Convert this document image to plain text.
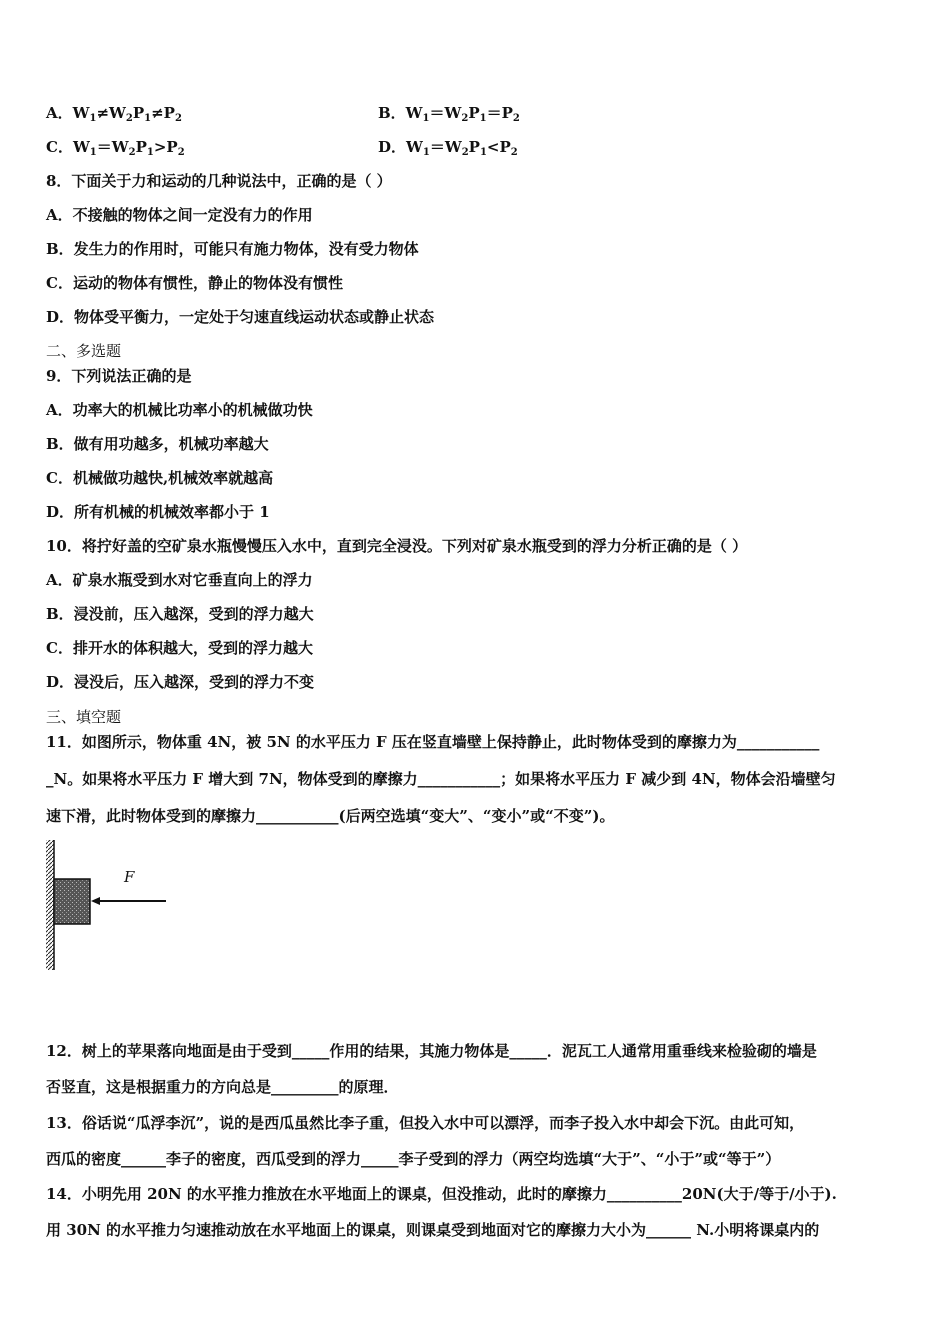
A．$W_1\ne W_2P_1\ne P_2$	B．$W_1=W_2P_1=P_2$
C．$W_1=W_2P_1>P_2$	D．$W_1=W_2P_1<P_2$
8．下面关于力和运动的几种说法中，正确的是（ ）
A．不接触的物体之间一定没有力的作用
B．发生力的作用时，可能只有施力物体，没有受力物体
C．运动的物体有惯性，静止的物体没有惯性
D．物体受平衡力，一定处于匀速直线运动状态或静止状态
二、多选题
9．下列说法正确的是
A．功率大的机械比功率小的机械做功快
B．做有用功越多，机械功率越大
C．机械做功越快,机械效率就越高
D．所有机械的机械效率都小于 1
10．将拧好盖的空矿泉水瓶慢慢压入水中，直到完全浸没。下列对矿泉水瓶受到的浮力分析正确的是（ ）
A．矿泉水瓶受到水对它垂直向上的浮力
B．浸没前，压入越深，受到的浮力越大
C．排开水的体积越大，受到的浮力越大
D．浸没后，压入越深，受到的浮力不变
三、填空题
11．如图所示，物体重 4N，被 5N 的水平压力 F 压在竖直墙壁上保持静止，此时物体受到的摩擦力为___________
_N。如果将水平压力 F 增大到 7N，物体受到的摩擦力___________；如果将水平压力 F 减少到 4N，物体会沿墙壁匀
速下滑，此时物体受到的摩擦力___________(后两空选填“变大”、“变小”或“不变”)。
F
12．树上的苹果落向地面是由于受到_____作用的结果，其施力物体是_____．泥瓦工人通常用重垂线来检验砌的墙是
否竖直，这是根据重力的方向总是_________的原理．
13．俗话说“瓜浮李沉”，说的是西瓜虽然比李子重，但投入水中可以漂浮，而李子投入水中却会下沉。由此可知，
西瓜的密度______李子的密度，西瓜受到的浮力_____李子受到的浮力（两空均选填“大于”、“小于”或“等于”）
14．小明先用 20N 的水平推力推放在水平地面上的课桌，但没推动，此时的摩擦力__________20N(大于/等于/小于).
用 30N 的水平推力匀速推动放在水平地面上的课桌，则课桌受到地面对它的摩擦力大小为______ N.小明将课桌内的
